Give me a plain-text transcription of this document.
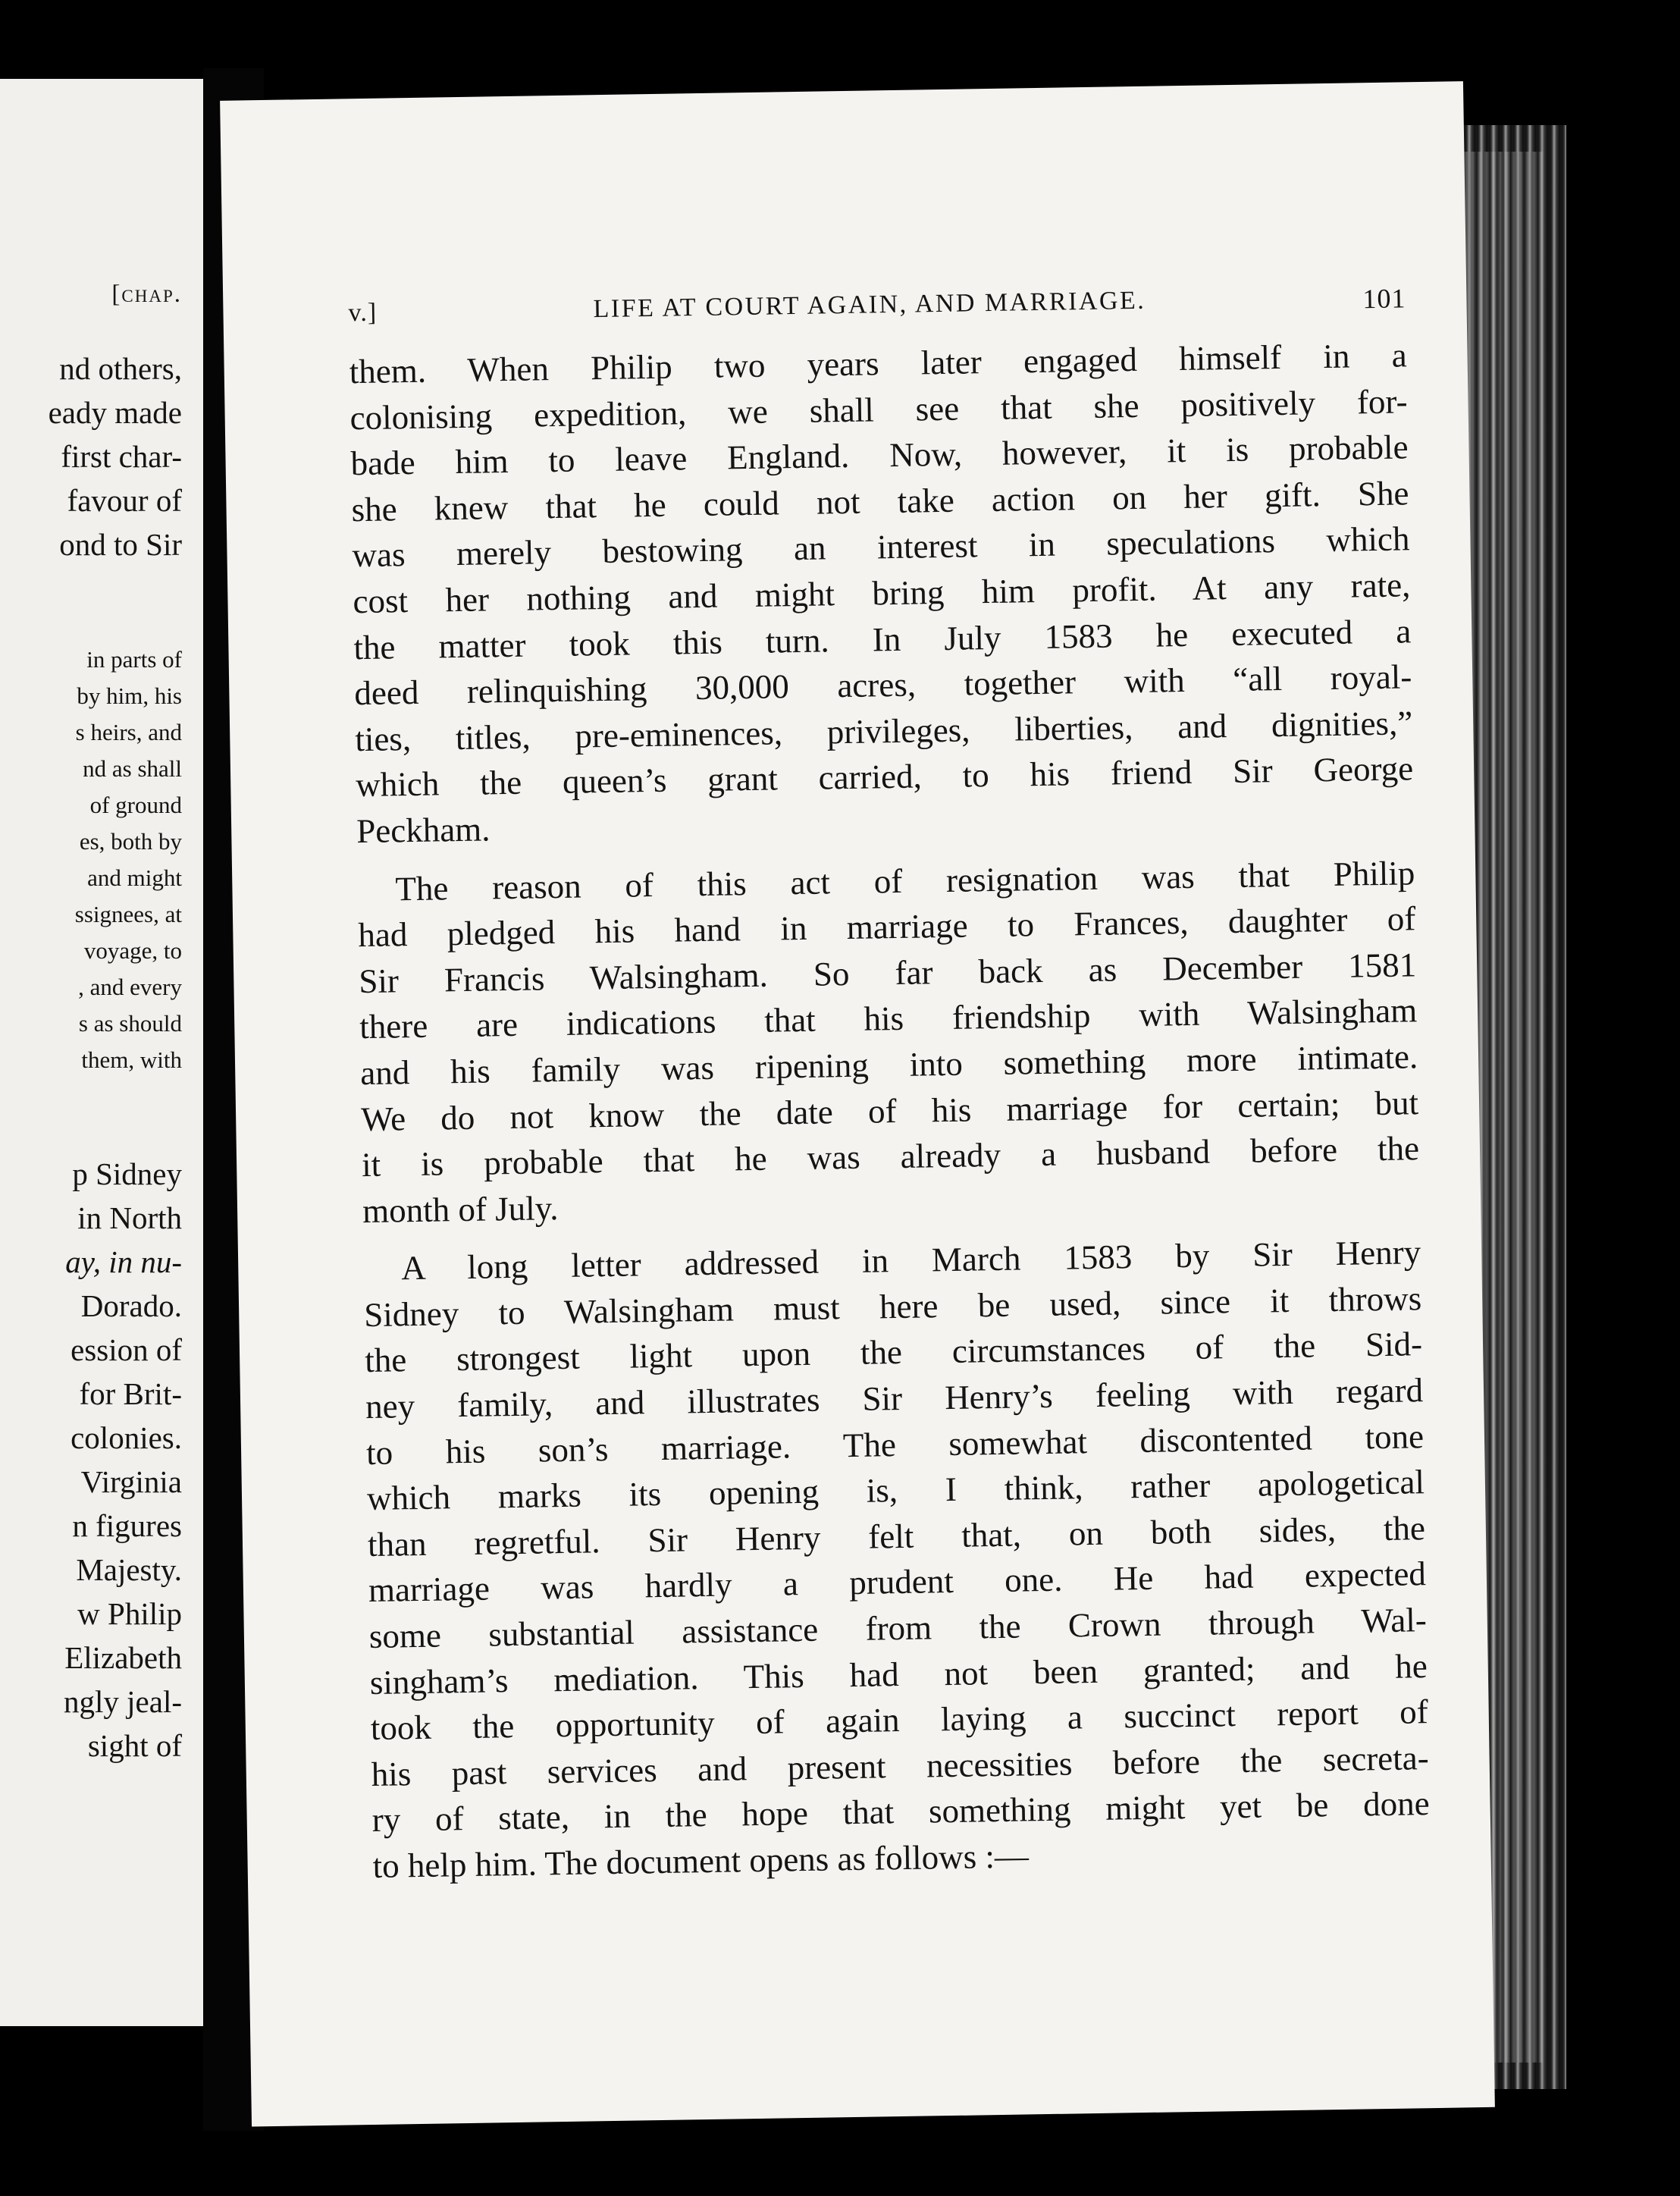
[chap.
nd others,
eady made
first char-
favour of
ond to Sir
in parts of
by him, his
s heirs, and
nd as shall
of ground
es, both by
and might
ssignees, at
voyage, to
, and every
s as should
them, with
p Sidney
in North
ay, in nu-
Dorado.
ession of
for Brit-
colonies.
Virginia
n figures
Majesty.
w Philip
Elizabeth
ngly jeal-
sight of
v.]	LIFE AT COURT AGAIN, AND MARRIAGE.	101
them. When Philip two years later engaged himself in a
colonising expedition, we shall see that she positively for-
bade him to leave England. Now, however, it is probable
she knew that he could not take action on her gift. She
was merely bestowing an interest in speculations which
cost her nothing and might bring him profit. At any rate,
the matter took this turn. In July 1583 he executed a
deed relinquishing 30,000 acres, together with “all royal-
ties, titles, pre-eminences, privileges, liberties, and dignities,”
which the queen’s grant carried, to his friend Sir George
Peckham.
The reason of this act of resignation was that Philip
had pledged his hand in marriage to Frances, daughter of
Sir Francis Walsingham. So far back as December 1581
there are indications that his friendship with Walsingham
and his family was ripening into something more intimate.
We do not know the date of his marriage for certain; but
it is probable that he was already a husband before the
month of July.
A long letter addressed in March 1583 by Sir Henry
Sidney to Walsingham must here be used, since it throws
the strongest light upon the circumstances of the Sid-
ney family, and illustrates Sir Henry’s feeling with regard
to his son’s marriage. The somewhat discontented tone
which marks its opening is, I think, rather apologetical
than regretful. Sir Henry felt that, on both sides, the
marriage was hardly a prudent one. He had expected
some substantial assistance from the Crown through Wal-
singham’s mediation. This had not been granted; and he
took the opportunity of again laying a succinct report of
his past services and present necessities before the secreta-
ry of state, in the hope that something might yet be done
to help him. The document opens as follows :—
